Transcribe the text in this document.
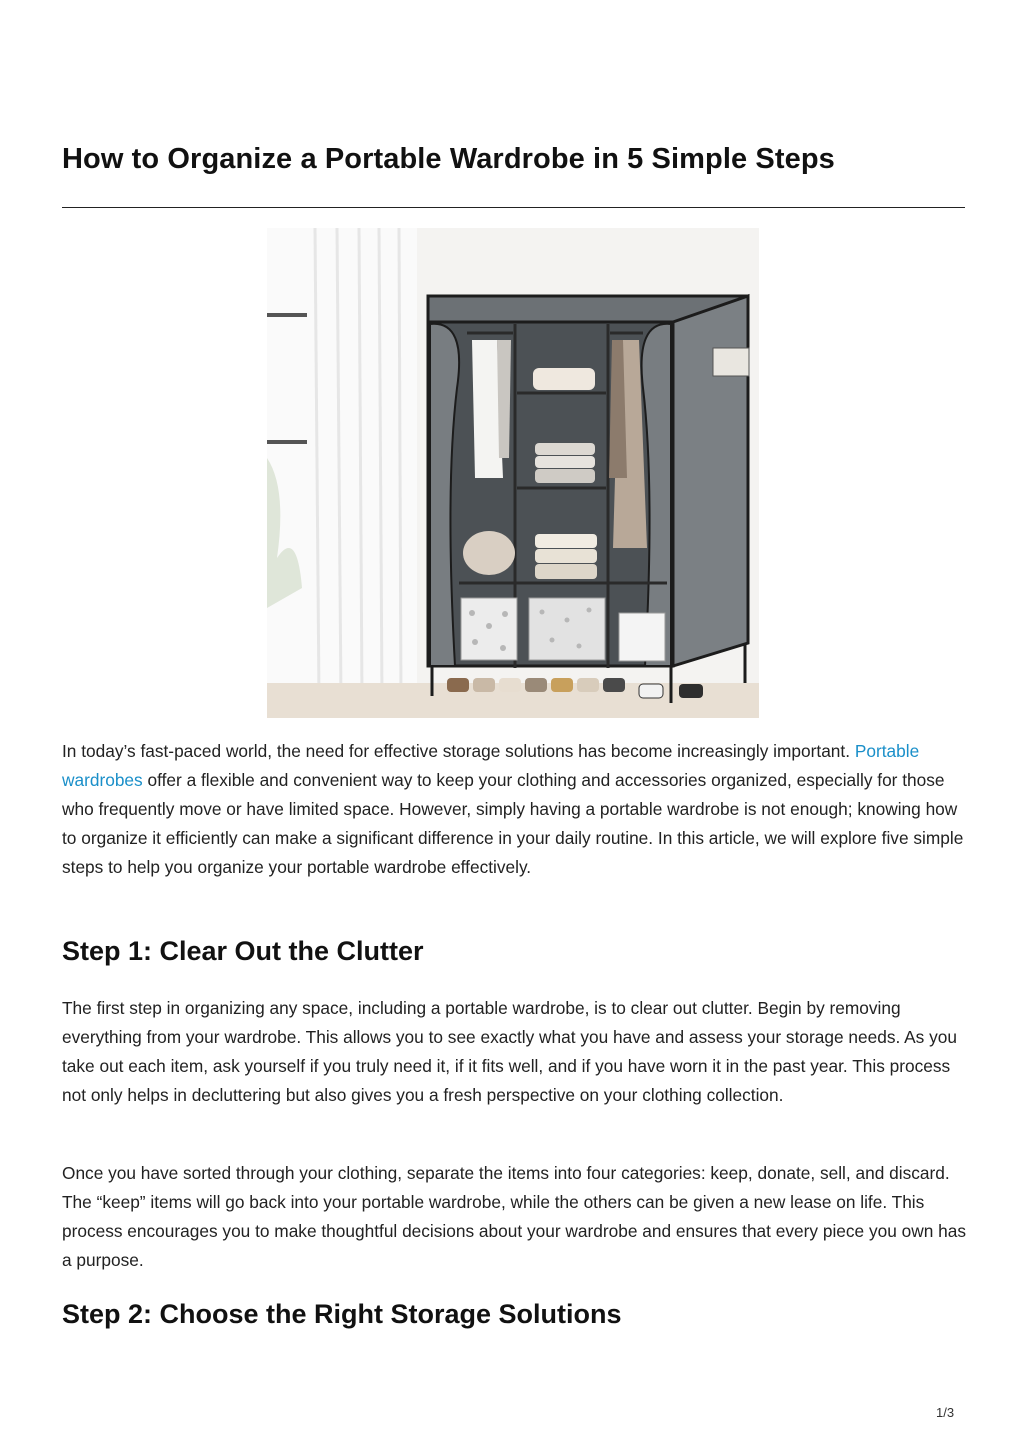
How to Organize a Portable Wardrobe in 5 Simple Steps

In today’s fast-paced world, the need for effective storage solutions has become increasingly important. Portable wardrobes offer a flexible and convenient way to keep your clothing and accessories organized, especially for those who frequently move or have limited space. However, simply having a portable wardrobe is not enough; knowing how to organize it efficiently can make a significant difference in your daily routine. In this article, we will explore five simple steps to help you organize your portable wardrobe effectively.

Step 1: Clear Out the Clutter

The first step in organizing any space, including a portable wardrobe, is to clear out clutter. Begin by removing everything from your wardrobe. This allows you to see exactly what you have and assess your storage needs. As you take out each item, ask yourself if you truly need it, if it fits well, and if you have worn it in the past year. This process not only helps in decluttering but also gives you a fresh perspective on your clothing collection.

Once you have sorted through your clothing, separate the items into four categories: keep, donate, sell, and discard. The “keep” items will go back into your portable wardrobe, while the others can be given a new lease on life. This process encourages you to make thoughtful decisions about your wardrobe and ensures that every piece you own has a purpose.

Step 2: Choose the Right Storage Solutions
1/3
